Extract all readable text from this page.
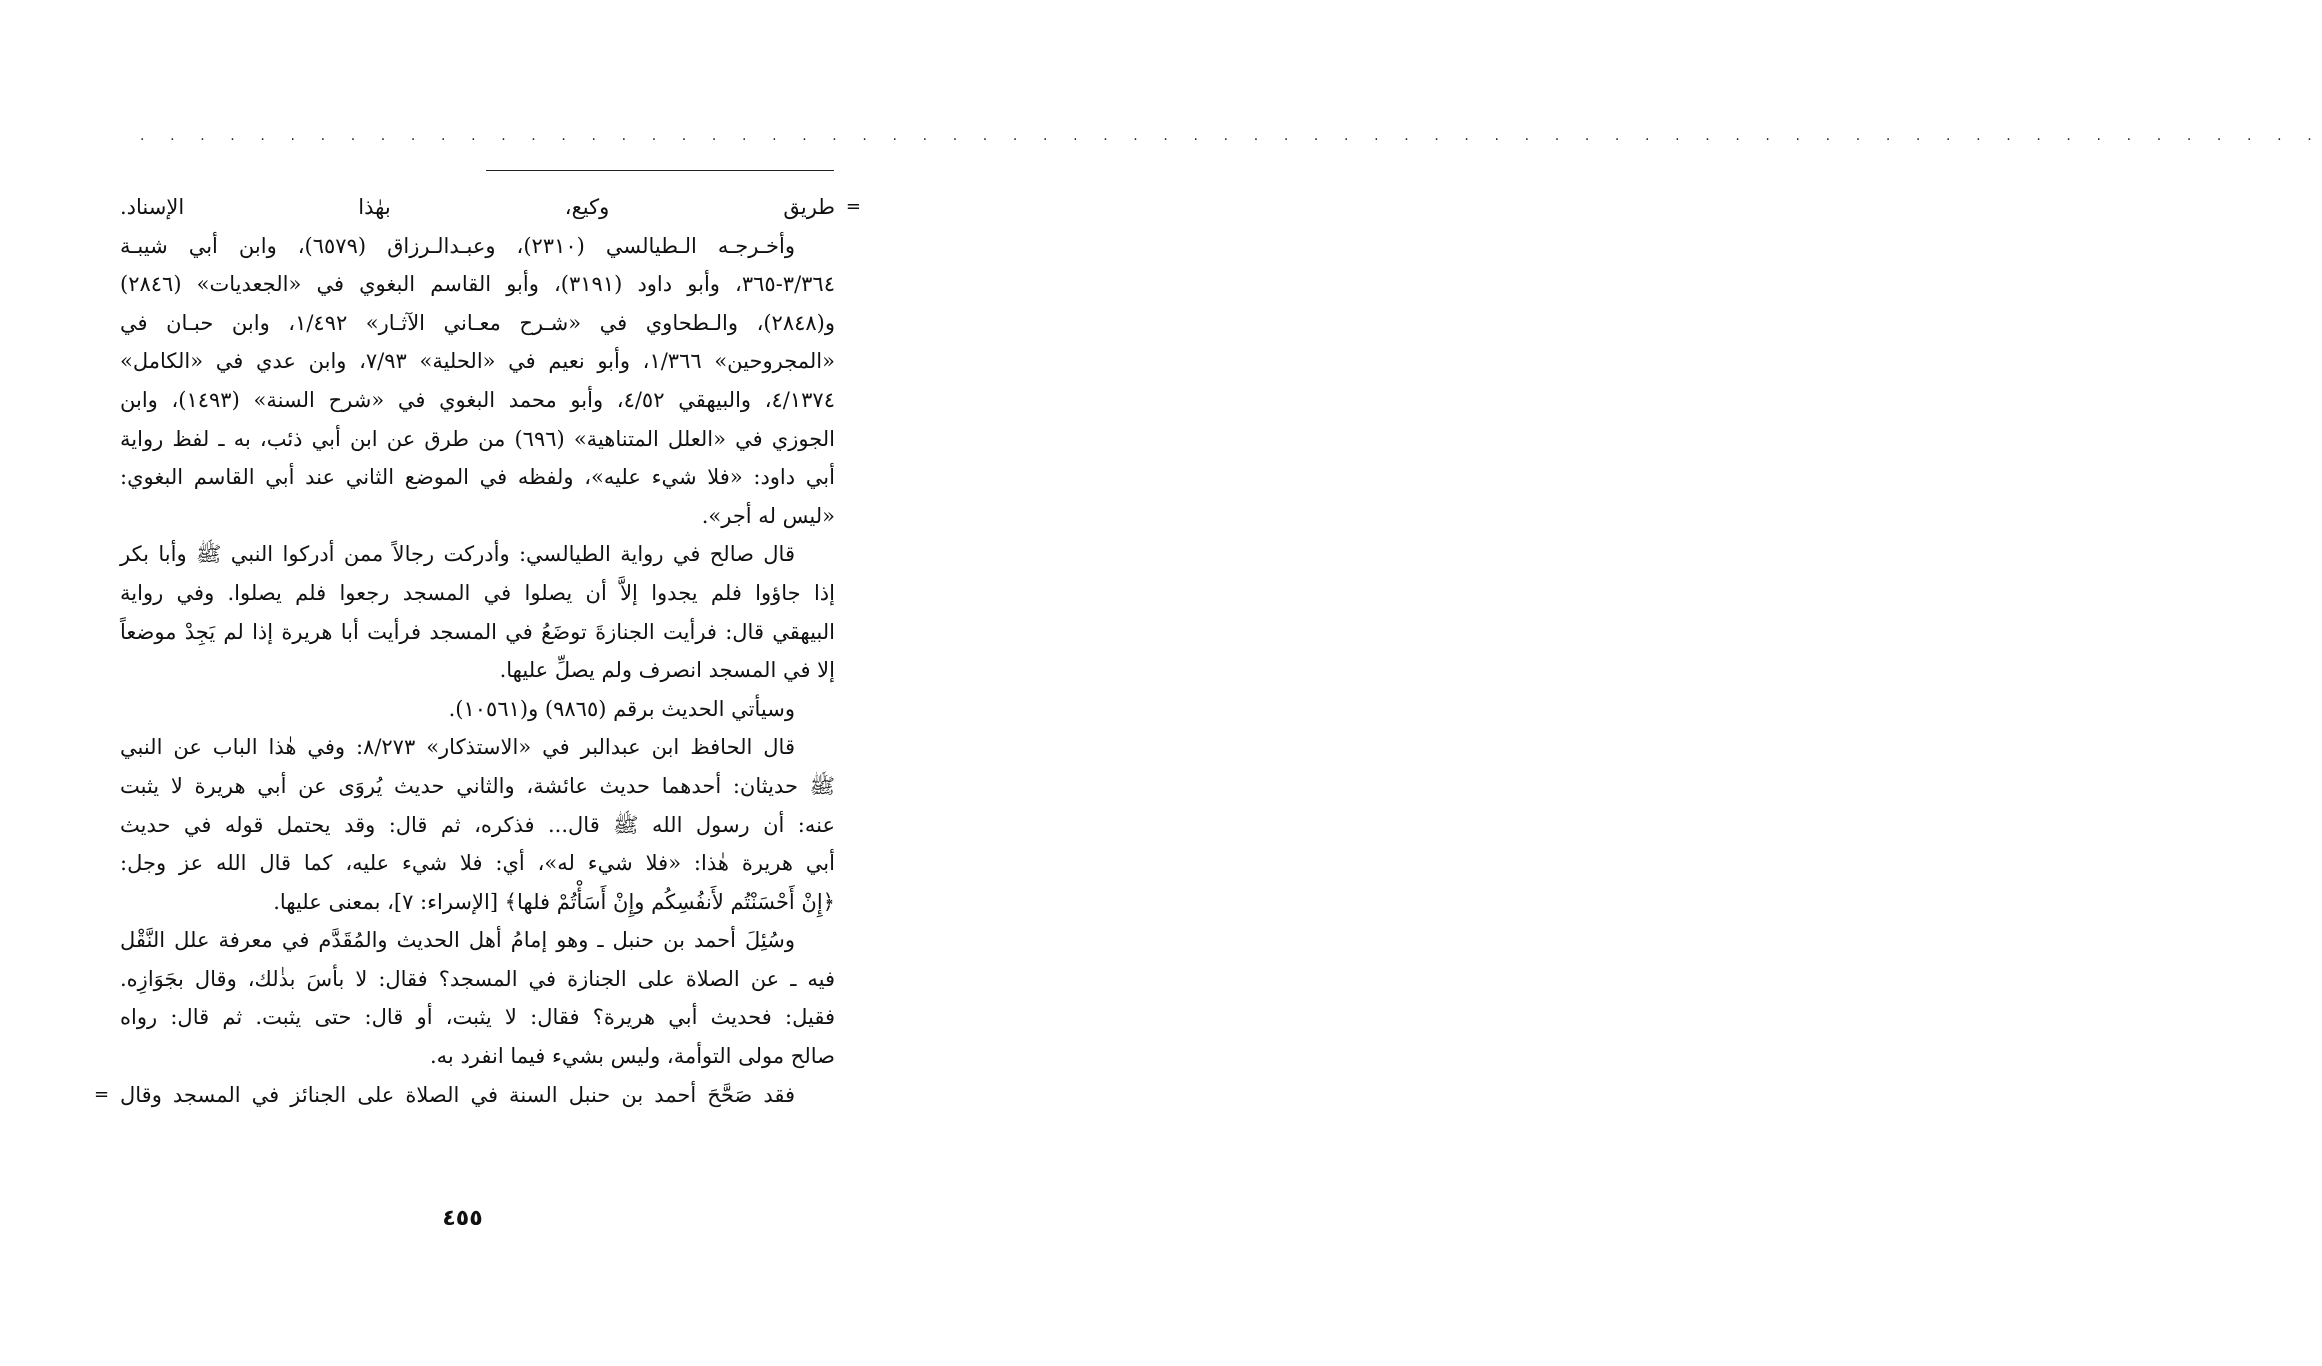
. . . . . . . . . . . . . . . . . . . . . . . . . . . . . . . . . . . . . . . . . . . . . . . . . . . . . . . . . . . . . . . . . . . . . . . . .
=
طريق وكيع، بهٰذا الإسناد.
وأخـرجـه الـطيالسي (٢٣١٠)، وعبـدالـرزاق (٦٥٧٩)، وابن أبي شيبـة
٣/٣٦٤-٣٦٥، وأبو داود (٣١٩١)، وأبو القاسم البغوي في «الجعديات» (٢٨٤٦)
و(٢٨٤٨)، والـطحاوي في «شـرح معـاني الآثـار» ١/٤٩٢، وابن حبـان في
«المجروحين» ١/٣٦٦، وأبو نعيم في «الحلية» ٧/٩٣، وابن عدي في «الكامل»
٤/١٣٧٤، والبيهقي ٤/٥٢، وأبو محمد البغوي في «شرح السنة» (١٤٩٣)، وابن
الجوزي في «العلل المتناهية» (٦٩٦) من طرق عن ابن أبي ذئب، به ـ لفظ رواية
أبي داود: «فلا شيء عليه»، ولفظه في الموضع الثاني عند أبي القاسم البغوي:
«ليس له أجر».
قال صالح في رواية الطيالسي: وأدركت رجالاً ممن أدركوا النبي ﷺ وأبا بكر
إذا جاؤوا فلم يجدوا إلاَّ أن يصلوا في المسجد رجعوا فلم يصلوا. وفي رواية
البيهقي قال: فرأيت الجنازةَ توضَعُ في المسجد فرأيت أبا هريرة إذا لم يَجِدْ موضعاً
إلا في المسجد انصرف ولم يصلِّ عليها.
وسيأتي الحديث برقم (٩٨٦٥) و(١٠٥٦١).
قال الحافظ ابن عبدالبر في «الاستذكار» ٨/٢٧٣: وفي هٰذا الباب عن النبي
ﷺ حديثان: أحدهما حديث عائشة، والثاني حديث يُروَى عن أبي هريرة لا يثبت
عنه: أن رسول الله ﷺ قال... فذكره، ثم قال: وقد يحتمل قوله في حديث
أبي هريرة هٰذا: «فلا شيء له»، أي: فلا شيء عليه، كما قال الله عز وجل:
﴿إِنْ أَحْسَنْتُم لأَنفُسِكُم وإِنْ أَسَأْتُمْ فلها﴾ [الإسراء: ٧]، بمعنى عليها.
وسُئِلَ أحمد بن حنبل ـ وهو إمامُ أهل الحديث والمُقَدَّم في معرفة علل النَّقْل
فيه ـ عن الصلاة على الجنازة في المسجد؟ فقال: لا بأسَ بذٰلك، وقال بجَوَازِه.
فقيل: فحديث أبي هريرة؟ فقال: لا يثبت، أو قال: حتى يثبت. ثم قال: رواه
صالح مولى التوأمة، وليس بشيء فيما انفرد به.
فقد صَحَّحَ أحمد بن حنبل السنة في الصلاة على الجنائز في المسجد وقال
=
٤٥٥
